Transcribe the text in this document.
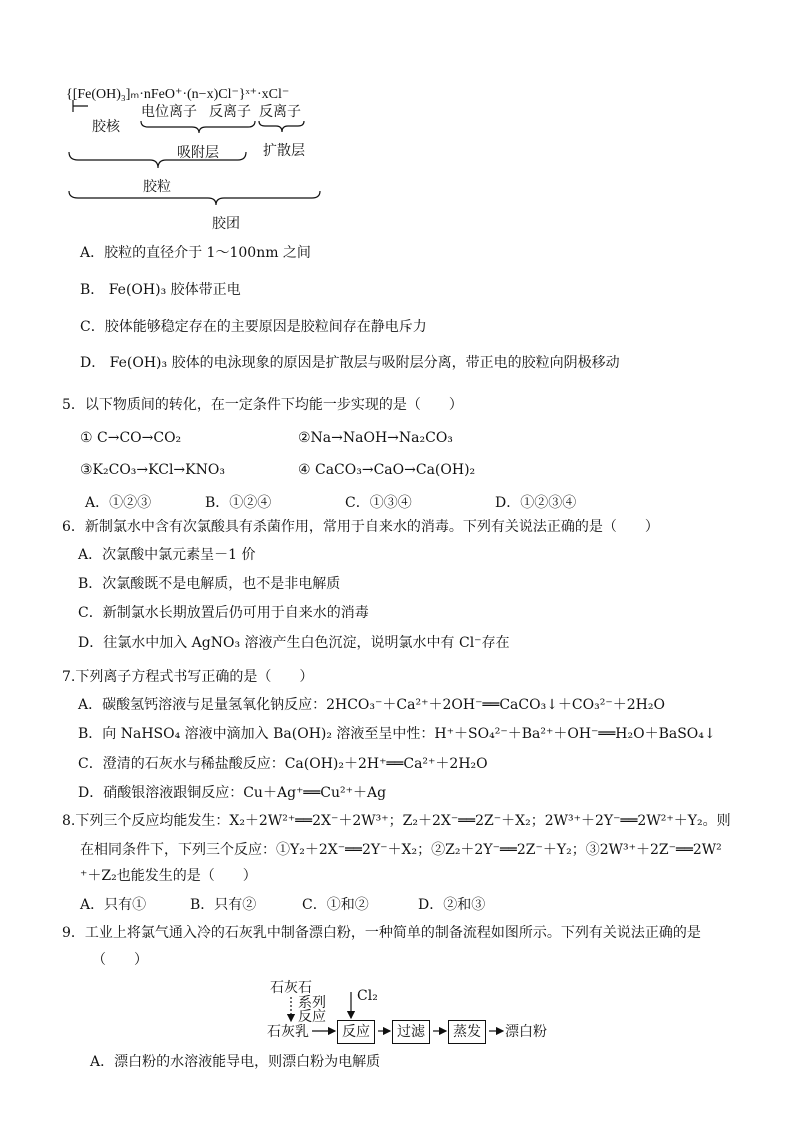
{[Fe(OH)₃]ₘ·nFeO⁺·(n−x)Cl⁻}ˣ⁺·xCl⁻
胶核
电位离子 反离子 反离子
吸附层	扩散层
胶粒
胶团
A．胶粒的直径介于 1～100nm 之间
B． Fe(OH)₃ 胶体带正电
C．胶体能够稳定存在的主要原因是胶粒间存在静电斥力
D． Fe(OH)₃ 胶体的电泳现象的原因是扩散层与吸附层分离，带正电的胶粒向阴极移动
5．以下物质间的转化，在一定条件下均能一步实现的是（　　）
① C→CO→CO₂	②Na→NaOH→Na₂CO₃
③K₂CO₃→KCl→KNO₃	④ CaCO₃→CaO→Ca(OH)₂
A．①②③	B．①②④	C．①③④	D．①②③④
6．新制氯水中含有次氯酸具有杀菌作用，常用于自来水的消毒。下列有关说法正确的是（　　）
A．次氯酸中氯元素呈－1 价
B．次氯酸既不是电解质，也不是非电解质
C．新制氯水长期放置后仍可用于自来水的消毒
D．往氯水中加入 AgNO₃ 溶液产生白色沉淀，说明氯水中有 Cl⁻存在
7.下列离子方程式书写正确的是（　　）
A．碳酸氢钙溶液与足量氢氧化钠反应：2HCO₃⁻＋Ca²⁺＋2OH⁻══CaCO₃↓＋CO₃²⁻＋2H₂O
B．向 NaHSO₄ 溶液中滴加入 Ba(OH)₂ 溶液至呈中性：H⁺＋SO₄²⁻＋Ba²⁺＋OH⁻══H₂O＋BaSO₄↓
C．澄清的石灰水与稀盐酸反应：Ca(OH)₂＋2H⁺══Ca²⁺＋2H₂O
D．硝酸银溶液跟铜反应：Cu＋Ag⁺══Cu²⁺＋Ag
8.下列三个反应均能发生：X₂＋2W²⁺══2X⁻＋2W³⁺；Z₂＋2X⁻══2Z⁻＋X₂；2W³⁺＋2Y⁻══2W²⁺＋Y₂。则
在相同条件下，下列三个反应：①Y₂＋2X⁻══2Y⁻＋X₂；②Z₂＋2Y⁻══2Z⁻＋Y₂；③2W³⁺＋2Z⁻══2W²
⁺＋Z₂也能发生的是（　　）
A．只有①	B．只有②	C．①和②	D．②和③
9．工业上将氯气通入冷的石灰乳中制备漂白粉，一种简单的制备流程如图所示。下列有关说法正确的是
（　　）
石灰石
系列
反应
Cl₂
石灰乳	反应	过滤	蒸发	漂白粉
A．漂白粉的水溶液能导电，则漂白粉为电解质
